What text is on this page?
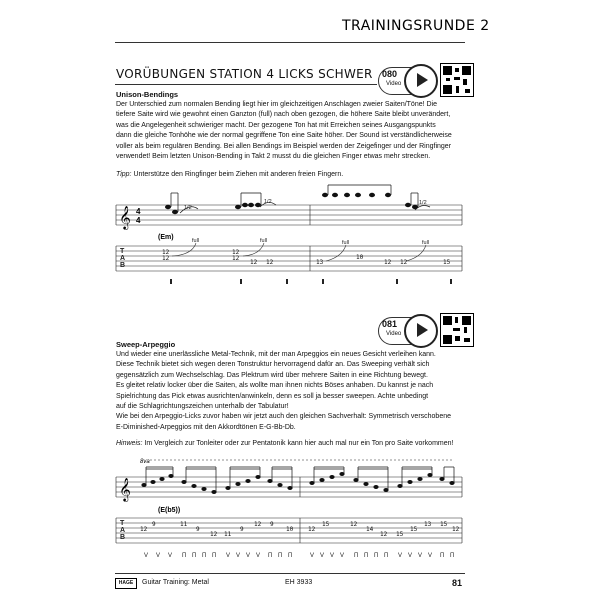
TRAININGSRUNDE 2
VORÜBUNGEN STATION 4 LICKS SCHWER 080
Video
Unison-Bendings
Der Unterschied zum normalen Bending liegt hier im gleichzeitigen Anschlagen zweier Saiten/Töne! Die
tiefere Saite wird wie gewohnt einen Ganzton (full) nach oben gezogen, die höhere Saite bleibt unverändert,
was die Angelegenheit schwieriger macht. Der gezogene Ton hat mit Erreichen seines Ausgangspunkts
dann die gleiche Tonhöhe wie der normal gegriffene Ton eine Saite höher. Der Sound ist verständlicherweise
voller als beim regulären Bending. Bei allen Bendings im Beispiel werden der Zeigefinger und der Ringfinger
verwendet! Beim letzten Unison-Bending in Takt 2 musst du die gleichen Finger etwas mehr strecken.
Tipp: Unterstütze den Ringfinger beim Ziehen mit anderen freien Fingern.
𝄞 4
4
T
A
B
(Em)
1/2
1/2	1/2
full	full	full	full
12
12
12
12
12 12	13
10
12 12	15
081
Video
Sweep-Arpeggio
Und wieder eine unerlässliche Metal-Technik, mit der man Arpeggios ein neues Gesicht verleihen kann.
Diese Technik bietet sich wegen deren Tonstruktur hervorragend dafür an. Das Sweeping verhält sich
gegensätzlich zum Wechselschlag. Das Plektrum wird über mehrere Saiten in eine Richtung bewegt.
Es gleitet relativ locker über die Saiten, als wollte man ihnen nichts Böses anhaben. Du kannst je nach
Spielrichtung das Pick etwas ausrichten/anwinkeln, denn es soll ja besser sweepen. Achte unbedingt
auf die Schlagrichtungszeichen unterhalb der Tabulatur!
Wie bei den Arpeggio-Licks zuvor haben wir jetzt auch den gleichen Sachverhalt: Symmetrisch verschobene
E-Diminished-Arpeggios mit den Akkordtönen E-G-Bb-Db.
Hinweis: Im Vergleich zur Tonleiter oder zur Pentatonik kann hier auch mal nur ein Ton pro Saite vorkommen!
8va
𝄞
T
A
B
(E(b5))
12
9	11
9
12 11
9
12 9
10 12
15	12
14
12 15
15
13 15
12
V V V П П П П V V V V П П П	V V V V П П П П V V V V П П
HAGE	Guitar Training: Metal	EH 3933	81
